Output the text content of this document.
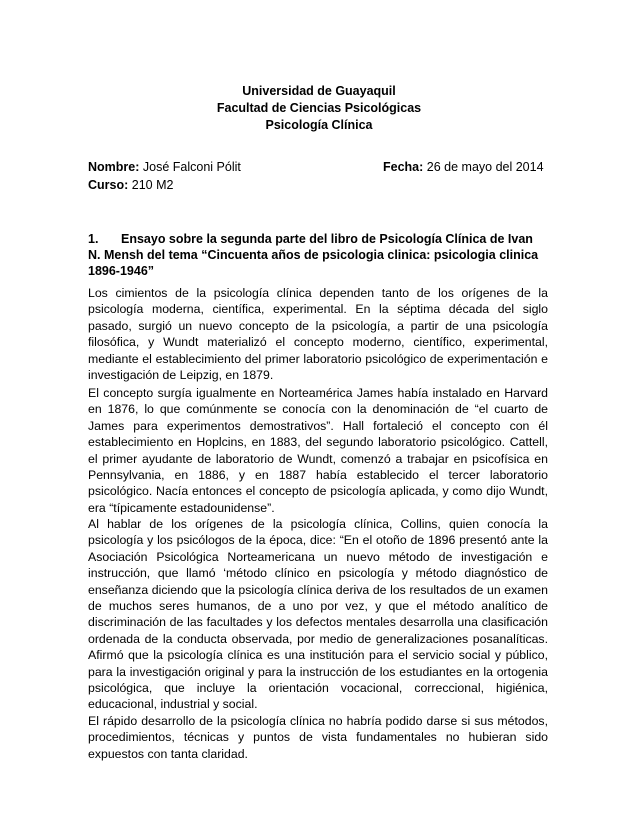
Universidad de Guayaquil
Facultad de Ciencias Psicológicas
Psicología Clínica
Nombre: José Falconi Pólit	Fecha: 26 de mayo del 2014
Curso: 210 M2
1. Ensayo sobre la segunda parte del libro de Psicología Clínica de Ivan N. Mensh del tema “Cincuenta años de psicologia clinica: psicologia clinica 1896-1946”

Los cimientos de la psicología clínica dependen tanto de los orígenes de la psicología moderna, científica, experimental. En la séptima década del siglo pasado, surgió un nuevo concepto de la psicología, a partir de una psicología filosófica, y Wundt materializó el concepto moderno, científico, experimental, mediante el establecimiento del primer laboratorio psicológico de experimentación e investigación de Leipzig, en 1879.

El concepto surgía igualmente en Norteamérica James había instalado en Harvard en 1876, lo que comúnmente se conocía con la denominación de “el cuarto de James para experimentos demostrativos”. Hall fortaleció el concepto con él establecimiento en Hoplcins, en 1883, del segundo laboratorio psicológico. Cattell, el primer ayudante de laboratorio de Wundt, comenzó a trabajar en psicofísica en Pennsylvania, en 1886, y en 1887 había establecido el tercer laboratorio psicológico. Nacía entonces el concepto de psicología aplicada, y como dijo Wundt, era “típicamente estadounidense”.

Al hablar de los orígenes de la psicología clínica, Collins, quien conocía la psicología y los psicólogos de la época, dice: “En el otoño de 1896 presentó ante la Asociación Psicológica Norteamericana un nuevo método de investigación e instrucción, que llamó ‘método clínico en psicología y método diagnóstico de enseñanza diciendo que la psicología clínica deriva de los resultados de un examen de muchos seres humanos, de a uno por vez, y que el método analítico de discriminación de las facultades y los defectos mentales desarrolla una clasificación ordenada de la conducta observada, por medio de generalizaciones posanalíticas. Afirmó que la psicología clínica es una institución para el servicio social y público, para la investigación original y para la instrucción de los estudiantes en la ortogenia psicológica, que incluye la orientación vocacional, correccional, higiénica, educacional, industrial y social.

El rápido desarrollo de la psicología clínica no habría podido darse si sus métodos, procedimientos, técnicas y puntos de vista fundamentales no hubieran sido expuestos con tanta claridad.
